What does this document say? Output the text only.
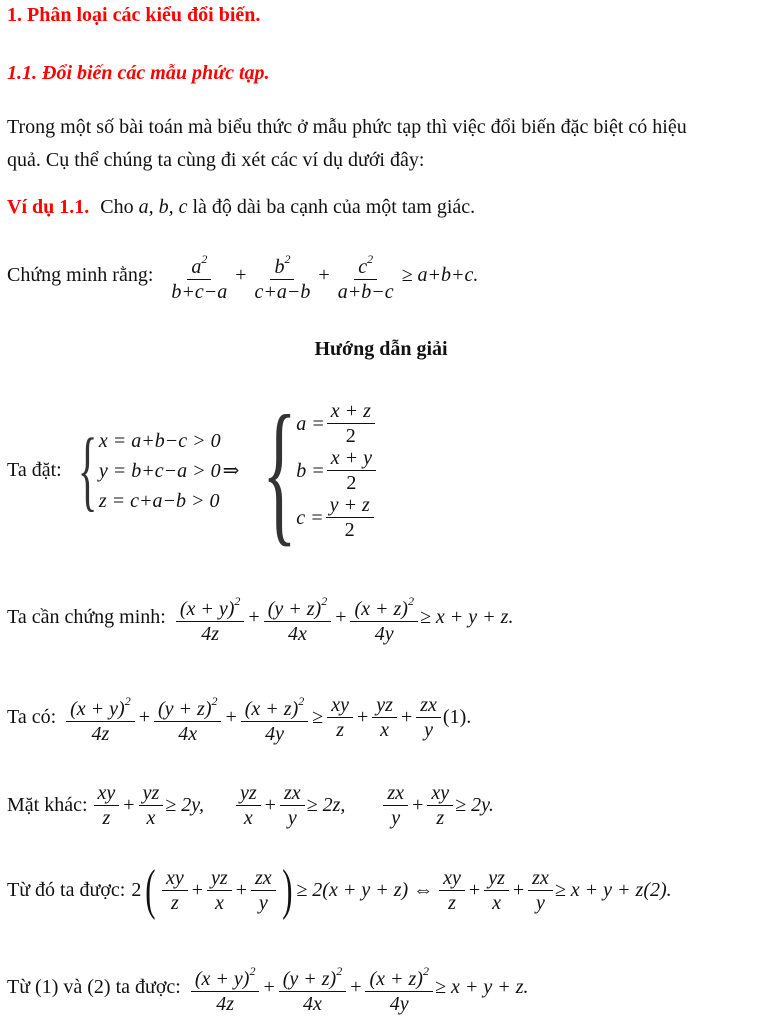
1. Phân loại các kiểu đổi biến.
1.1. Đổi biến các mẫu phức tạp.
Trong một số bài toán mà biểu thức ở mẫu phức tạp thì việc đổi biến đặc biệt có hiệu
quả. Cụ thể chúng ta cùng đi xét các ví dụ dưới đây:
Ví dụ 1.1. Cho a, b, c là độ dài ba cạnh của một tam giác.
Chứng minh rằng: $\frac{a^2}{b+c-a} + \frac{b^2}{c+a-b} + \frac{c^2}{a+b-c} \ge a+b+c$.
Hướng dẫn giải
Ta đặt: { x = a+b−c > 0
y = b+c−a > 0
z = c+a−b > 0
⇒ { $a = \frac{x + z}{2}$
$b = \frac{x + y}{2}$
$c = \frac{y + z}{2}$
Ta cần chứng minh: $\frac{(x + y)^2}{4z} + \frac{(y + z)^2}{4x} + \frac{(x + z)^2}{4y} \ge x + y + z$.
Ta có: $\frac{(x + y)^2}{4z} + \frac{(y + z)^2}{4x} + \frac{(x + z)^2}{4y} \ge \frac{xy}{z} + \frac{yz}{x} + \frac{zx}{y} (1)$.
Mặt khác: $\frac{xy}{z} + \frac{yz}{x} \ge 2y$, $\frac{yz}{x} + \frac{zx}{y} \ge 2z$, $\frac{zx}{y} + \frac{xy}{z} \ge 2y$.
Từ đó ta được: 2 ( $\frac{xy}{z} + \frac{yz}{x} + \frac{zx}{y}$ ) ≥ 2(x + y + z) ⇔ $\frac{xy}{z} + \frac{yz}{x} + \frac{zx}{y} \ge x + y + z(2)$.
Từ (1) và (2) ta được: $\frac{(x + y)^2}{4z} + \frac{(y + z)^2}{4x} + \frac{(x + z)^2}{4y} \ge x + y + z$.
